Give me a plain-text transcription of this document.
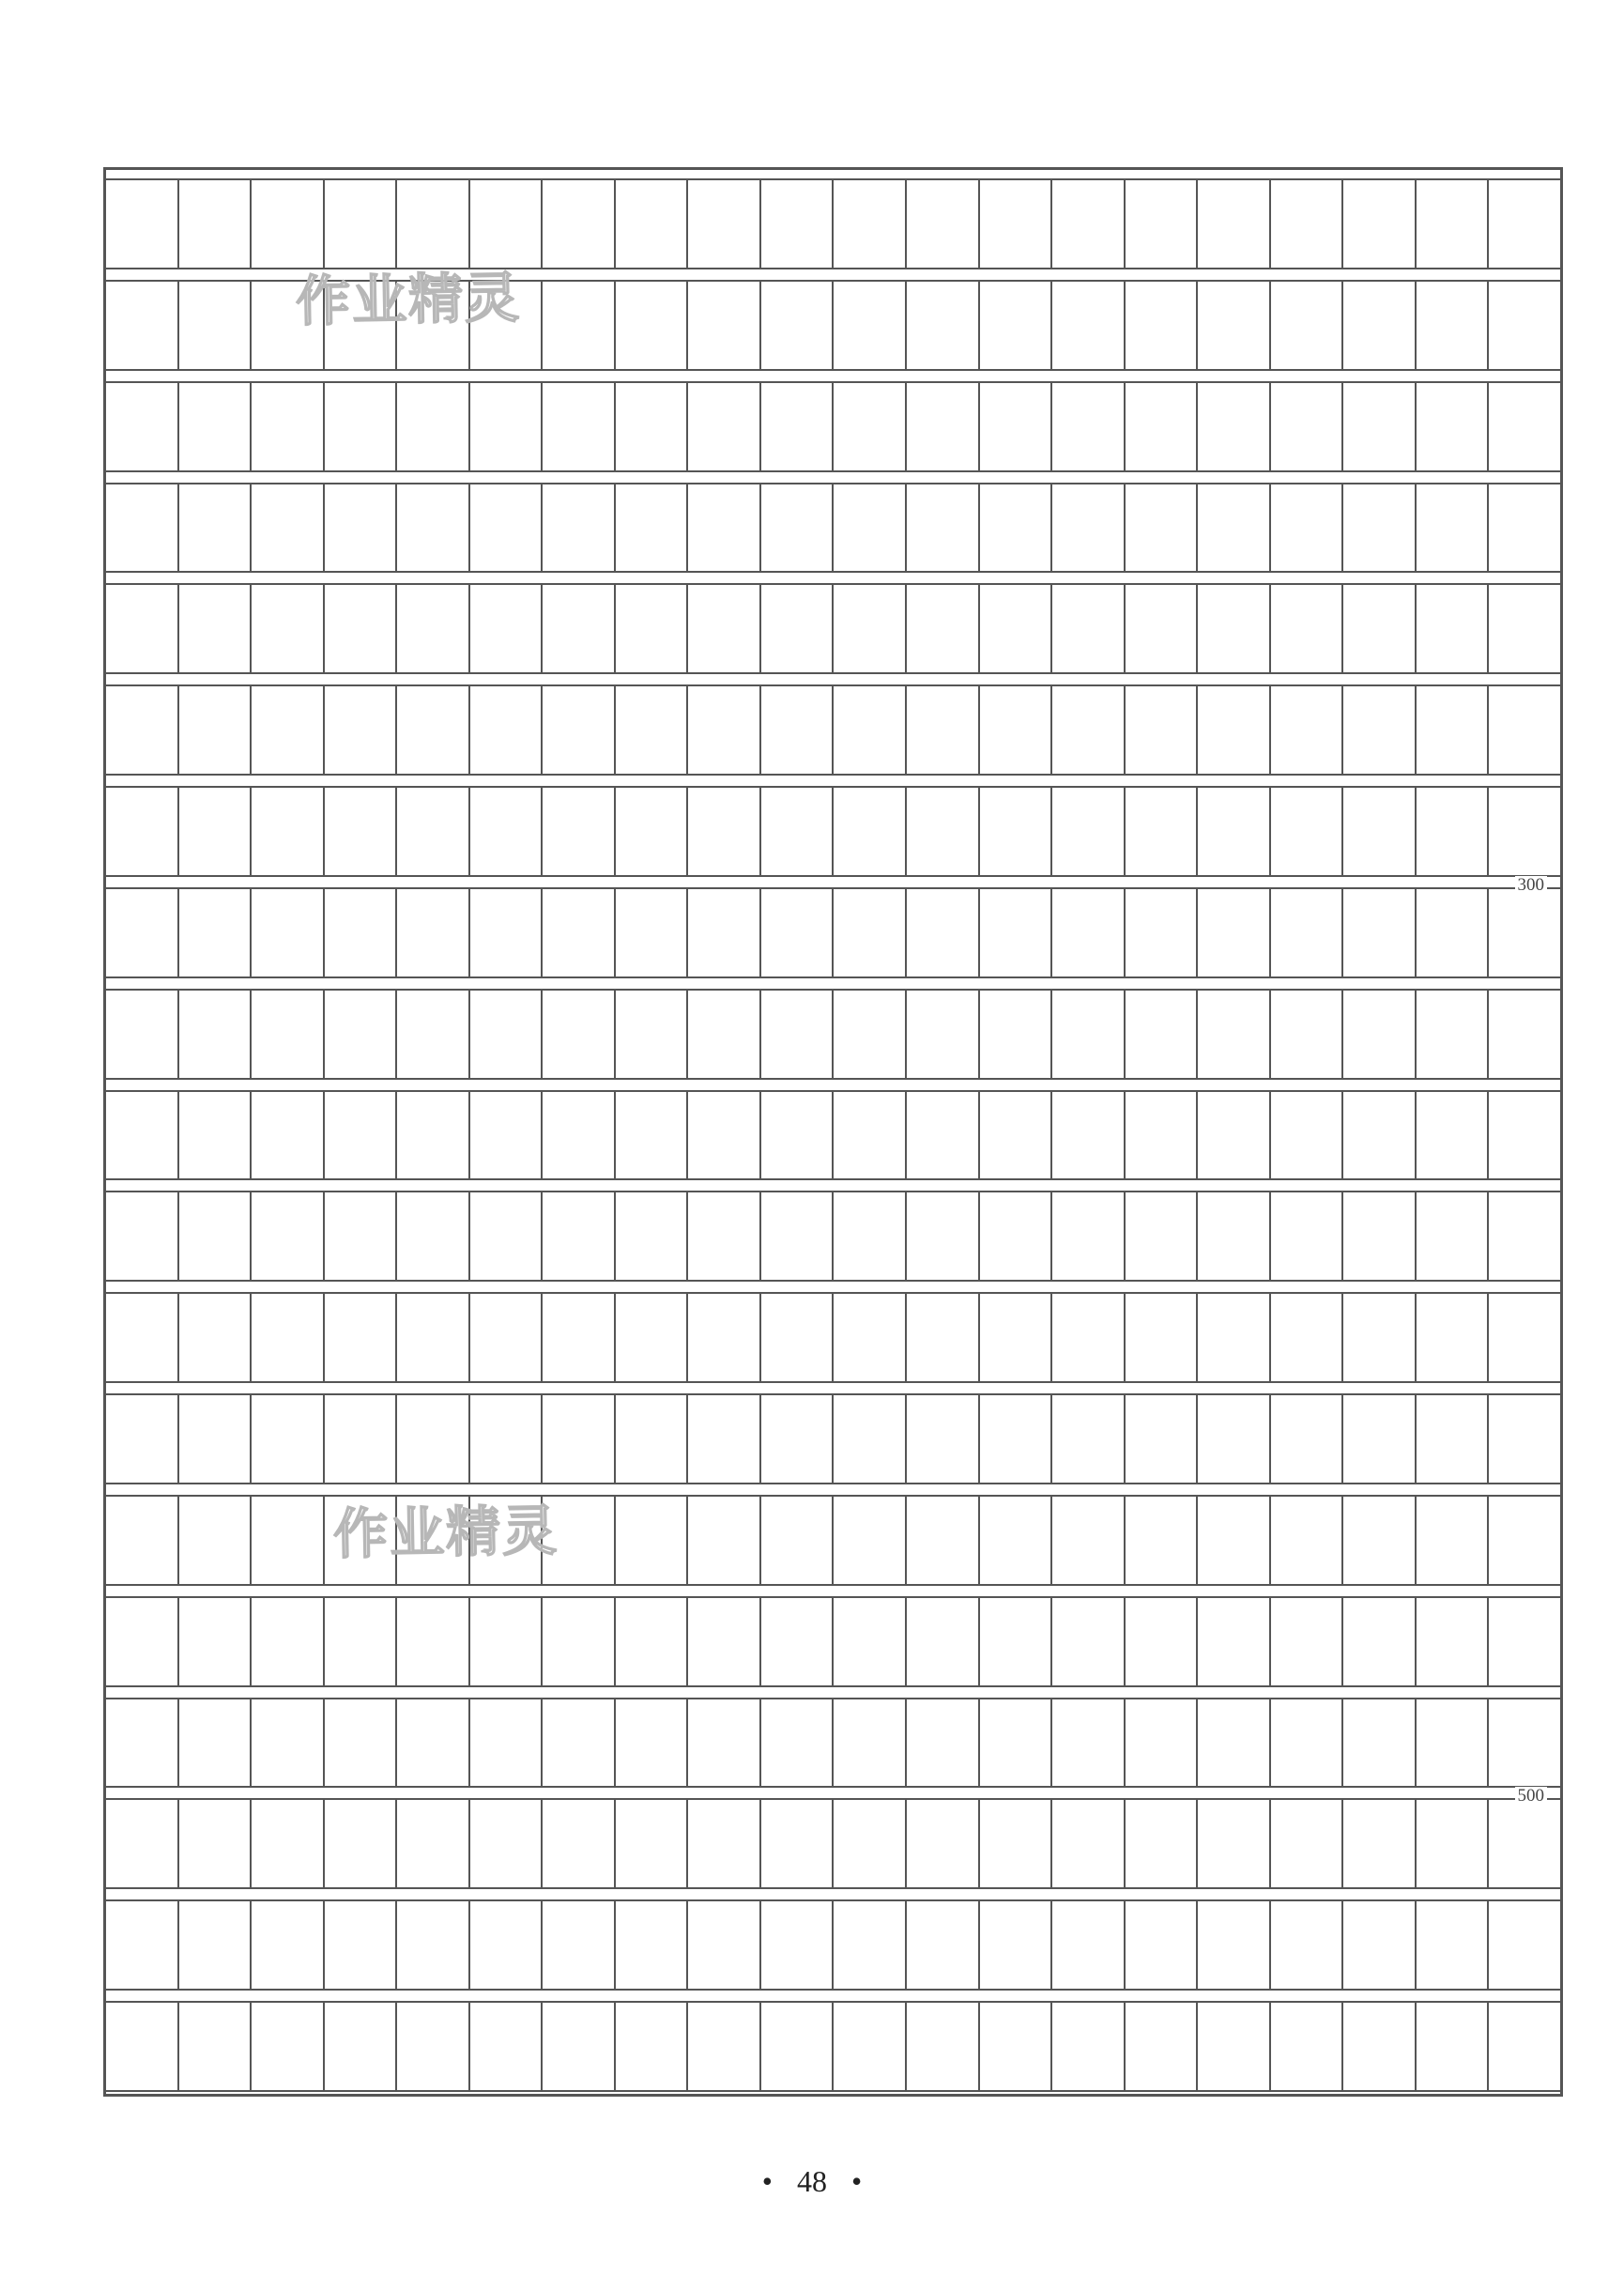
300
500
作业精灵
作业精灵
• 48 •
